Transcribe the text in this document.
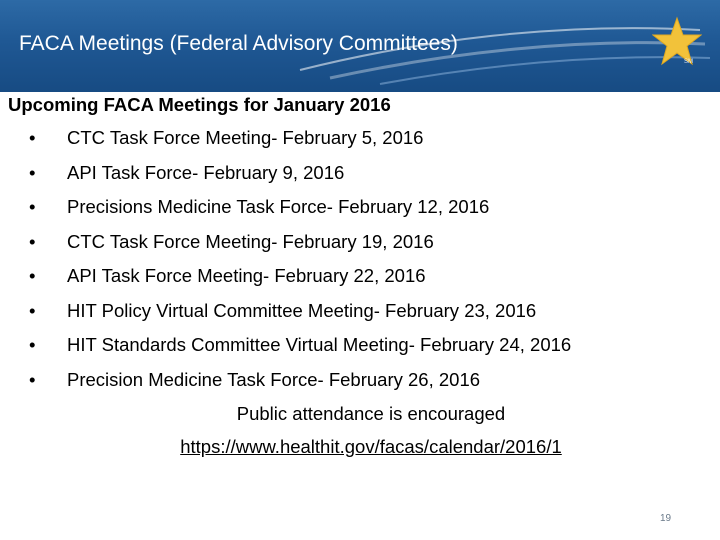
FACA Meetings (Federal Advisory Committees)
SM

Upcoming FACA Meetings for January 2016

• CTC Task Force Meeting- February 5, 2016
• API Task Force- February 9, 2016
• Precisions Medicine Task Force- February 12, 2016
• CTC Task Force Meeting- February 19, 2016
• API Task Force Meeting- February 22, 2016
• HIT Policy Virtual Committee Meeting- February 23, 2016
• HIT Standards Committee Virtual Meeting- February 24, 2016
• Precision Medicine Task Force- February 26, 2016
Public attendance is encouraged
https://www.healthit.gov/facas/calendar/2016/1
19
